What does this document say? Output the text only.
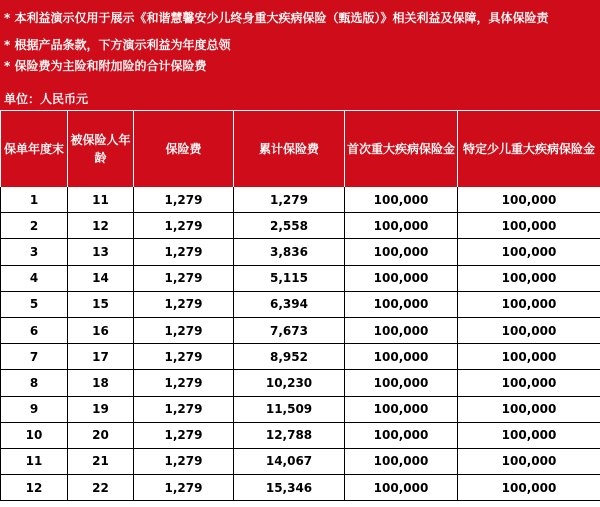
* 本利益演示仅用于展示《和谐慧馨安少儿终身重大疾病保险（甄选版）》相关利益及保障，具体保险责
* 根据产品条款，下方演示利益为年度总领
* 保险费为主险和附加险的合计保险费
单位：人民币元
保单年度末	被保险人年龄	保险费	累计保险费	首次重大疾病保险金	特定少儿重大疾病保险金
1	11	1,279	1,279	100,000	100,000
2	12	1,279	2,558	100,000	100,000
3	13	1,279	3,836	100,000	100,000
4	14	1,279	5,115	100,000	100,000
5	15	1,279	6,394	100,000	100,000
6	16	1,279	7,673	100,000	100,000
7	17	1,279	8,952	100,000	100,000
8	18	1,279	10,230	100,000	100,000
9	19	1,279	11,509	100,000	100,000
10	20	1,279	12,788	100,000	100,000
11	21	1,279	14,067	100,000	100,000
12	22	1,279	15,346	100,000	100,000
